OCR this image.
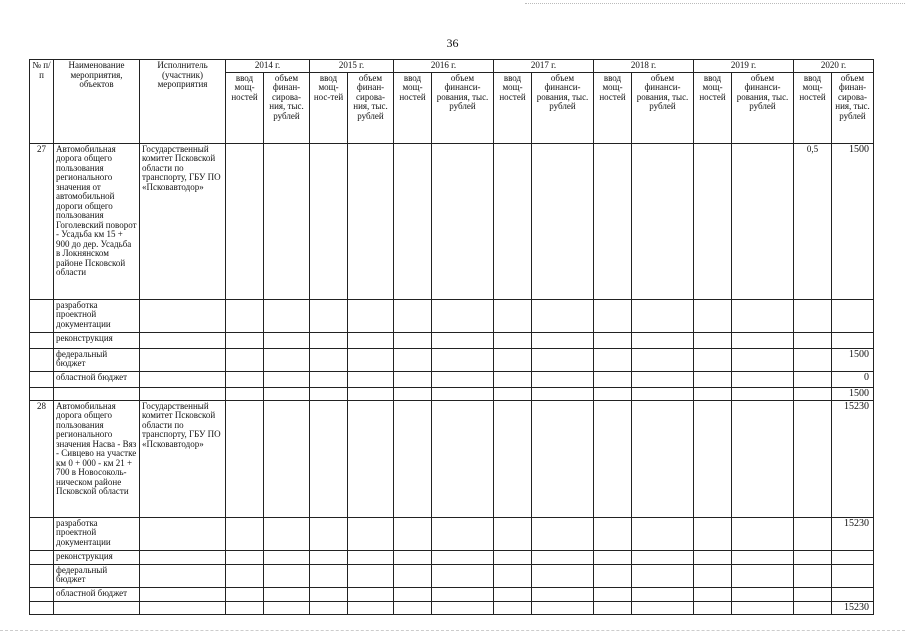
36
№ п/п	Наименование мероприятия, объектов	Исполнитель (участник) мероприятия	2014 г.		2015 г.		2016 г.		2017 г.		2018 г.		2019 г.		2020 г.	
			ввод мощ-ностей	объем финан-сирова-ния, тыс. рублей	ввод мощ-нос-тей	объем финан-сирова-ния, тыс. рублей	ввод мощ-ностей	объем финанси-рования, тыс. рублей	ввод мощ-ностей	объем финанси-рования, тыс. рублей	ввод мощ-ностей	объем финанси-рования, тыс. рублей	ввод мощ-ностей	объем финанси-рования, тыс. рублей	ввод мощ-ностей	объем финан-сирова-ния, тыс. рублей
27	Автомобильная дорога общего пользования регионального значения от автомобильной дороги общего пользования Гоголевский поворот - Усадьба км 15 + 900 до дер. Усадьба в Локнянском районе Псковской области	Государственный комитет Псковской области по транспорту, ГБУ ПО «Псковавтодор»													0,5	1500
	разработка проектной документации															
	реконструкция															
	федеральный бюджет															1500
	областной бюджет															0
																1500
28	Автомобильная дорога общего пользования регионального значения Насва - Вяз - Сивцево на участке км 0 + 000 - км 21 + 700 в Новосоколь-ническом районе Псковской области	Государственный комитет Псковской области по транспорту, ГБУ ПО «Псковавтодор»														15230
	разработка проектной документации															15230
	реконструкция															
	федеральный бюджет															
	областной бюджет															
																15230
